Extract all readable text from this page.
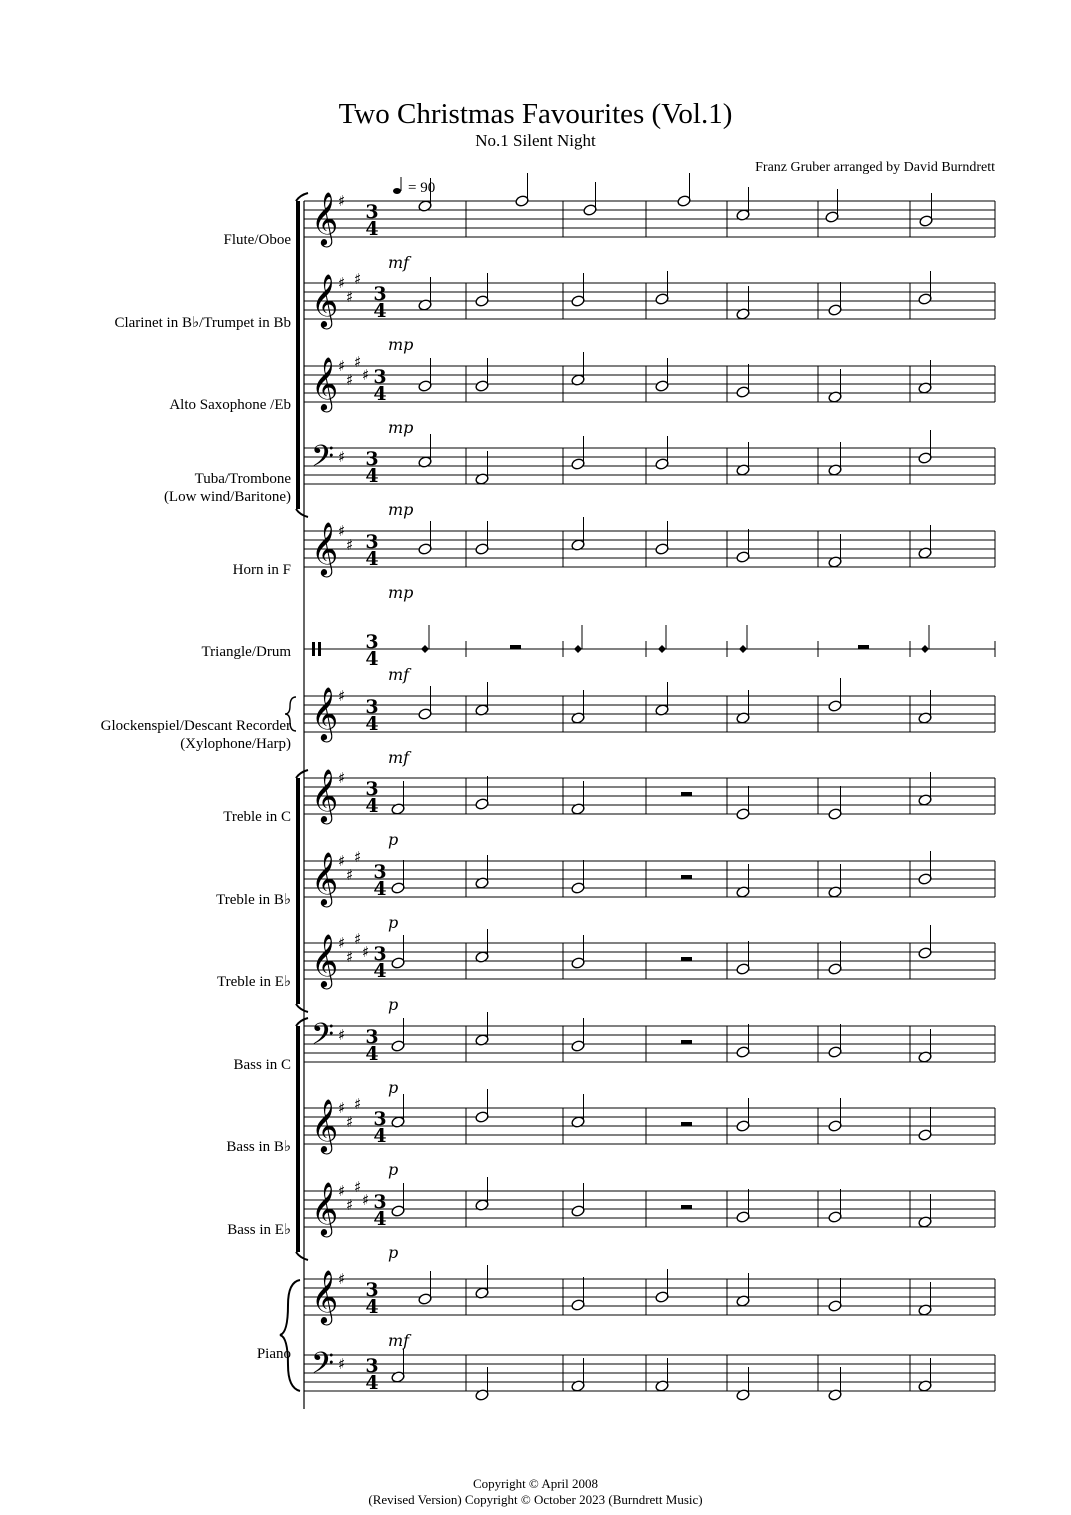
𝄞 ♯ 3
4
mf
𝄞 ♯
♯
♯
3
4
mp
𝄞 ♯
♯
♯
♯ 3
4
mp
𝄢 ♯ 3
4
mp
𝄞 ♯
♯ 3
4
mp
3
4
mf
𝄞 ♯ 3
4
mf
𝄞 ♯ 3
4
p
𝄞 ♯
♯
♯
3
4
p
𝄞 ♯
♯
♯
♯ 3
4
p
𝄢 ♯ 3
4
p
𝄞 ♯
♯
♯
3
4
p
𝄞 ♯
♯
♯
♯ 3
4
p
𝄞 ♯ 3
4
mf
𝄢 ♯ 3
4
Two Christmas Favourites (Vol.1)
No.1 Silent Night
Franz Gruber arranged by David Burndrett
= 90
Flute/Oboe
Clarinet in B♭/Trumpet in Bb
Alto Saxophone /Eb
Tuba/Trombone
(Low wind/Baritone)
Horn in F
Triangle/Drum
Glockenspiel/Descant Recorder
(Xylophone/Harp)
Treble in C
Treble in B♭
Treble in E♭
Bass in C
Bass in B♭
Bass in E♭
Piano
Copyright © April 2008
(Revised Version) Copyright © October 2023 (Burndrett Music)
